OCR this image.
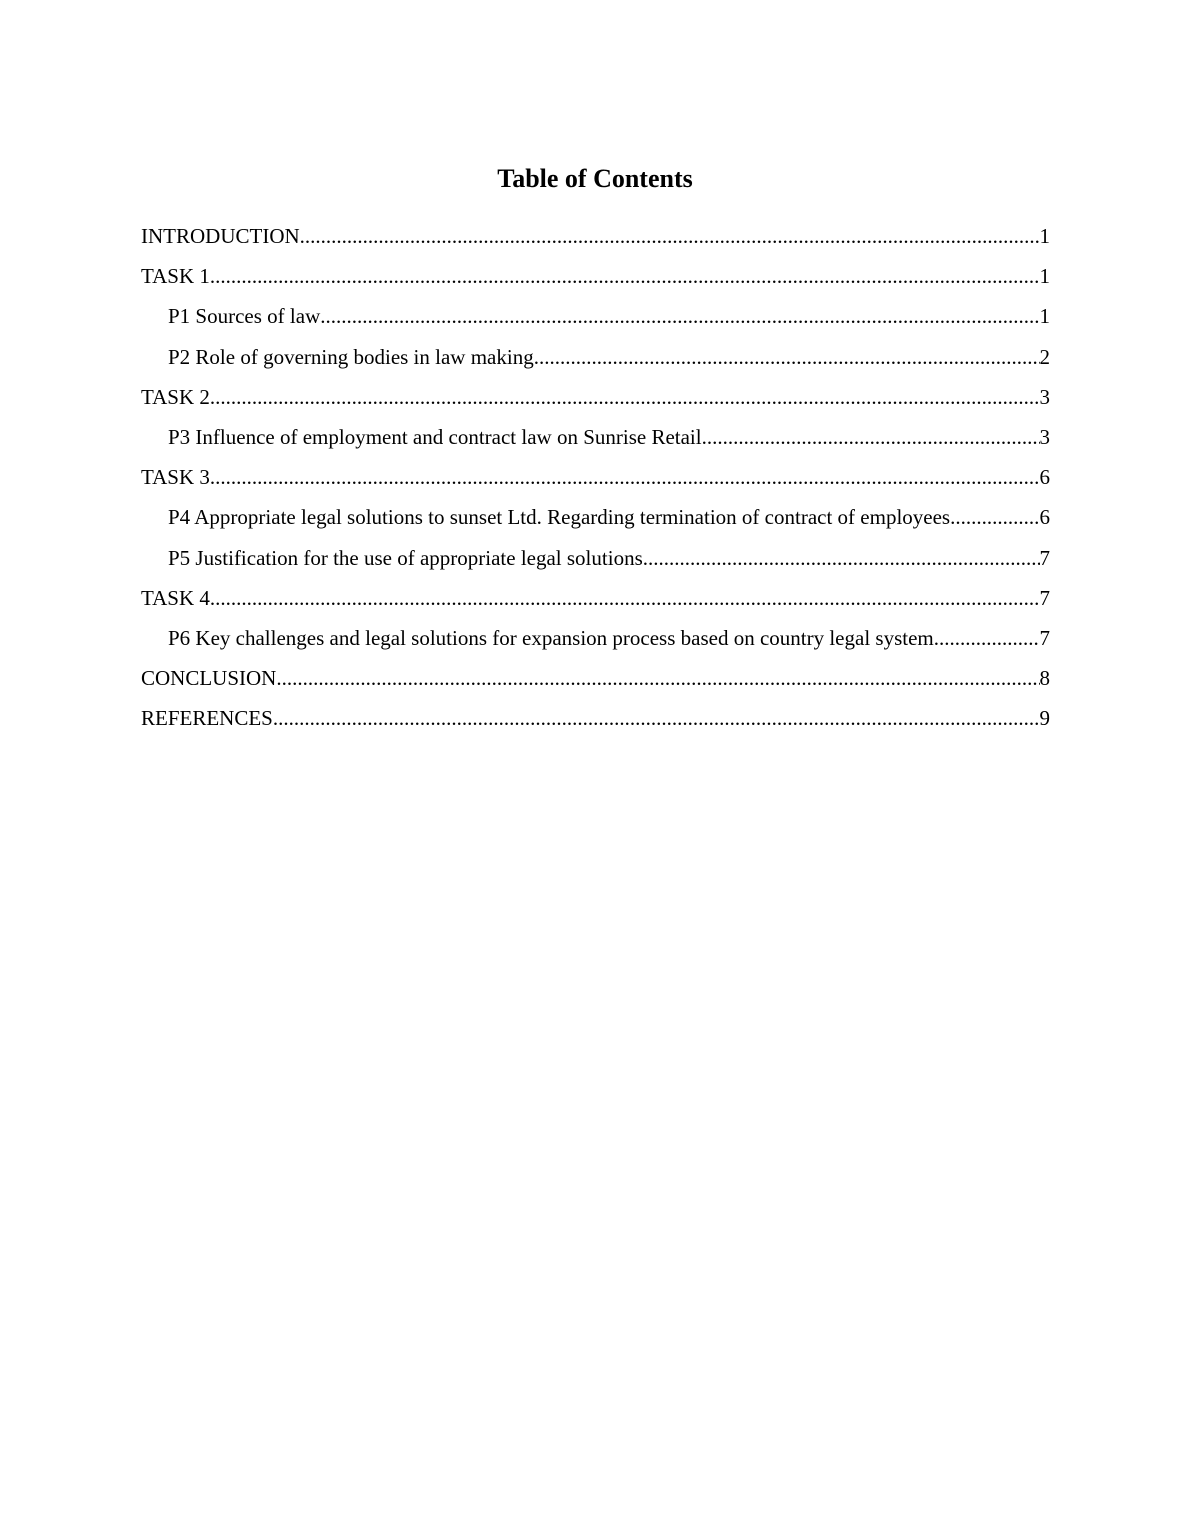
Table of Contents
INTRODUCTION .....	1
TASK 1 .....	1
P1 Sources of law .....	1
P2 Role of governing bodies in law making .....	2
TASK 2 .....	3
P3 Influence of employment and contract law on Sunrise Retail .....	3
TASK 3 .....	6
P4 Appropriate legal solutions to sunset Ltd. Regarding termination of contract of employees .....	6
P5 Justification for the use of appropriate legal solutions .....	7
TASK 4 .....	7
P6 Key challenges and legal solutions for expansion process based on country legal system .....	7
CONCLUSION .....	8
REFERENCES .....	9
